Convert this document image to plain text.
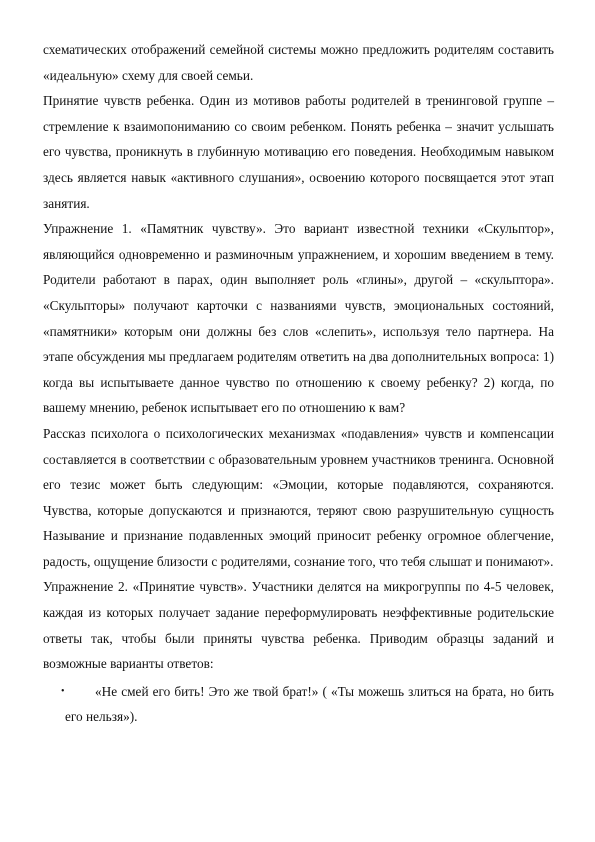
схематических отображений семейной системы можно предложить родителям составить «идеальную» схему для своей семьи.

Принятие чувств ребенка. Один из мотивов работы родителей в тренинговой группе – стремление к взаимопониманию со своим ребенком. Понять ребенка – значит услышать его чувства, проникнуть в глубинную мотивацию его поведения. Необходимым навыком здесь является навык «активного слушания», освоению которого посвящается этот этап занятия.

Упражнение 1. «Памятник чувству». Это вариант известной техники «Скульптор», являющийся одновременно и разминочным упражнением, и хорошим введением в тему. Родители работают в парах, один выполняет роль «глины», другой – «скульптора». «Скульпторы» получают карточки с названиями чувств, эмоциональных состояний, «памятники» которым они должны без слов «слепить», используя тело партнера. На этапе обсуждения мы предлагаем родителям ответить на два дополнительных вопроса: 1) когда вы испытываете данное чувство по отношению к своему ребенку? 2) когда, по вашему мнению, ребенок испытывает его по отношению к вам?

Рассказ психолога о психологических механизмах «подавления» чувств и компенсации составляется в соответствии с образовательным уровнем участников тренинга. Основной его тезис может быть следующим: «Эмоции, которые подавляются, сохраняются. Чувства, которые допускаются и признаются, теряют свою разрушительную сущность Называние и признание подавленных эмоций приносит ребенку огромное облегчение, радость, ощущение близости с родителями, сознание того, что тебя слышат и понимают».

Упражнение 2. «Принятие чувств». Участники делятся на микрогруппы по 4-5 человек, каждая из которых получает задание переформулировать неэффективные родительские ответы так, чтобы были приняты чувства ребенка. Приводим образцы заданий и возможные варианты ответов:

•	«Не смей его бить! Это же твой брат!» ( «Ты можешь злиться на брата, но бить его нельзя»).
